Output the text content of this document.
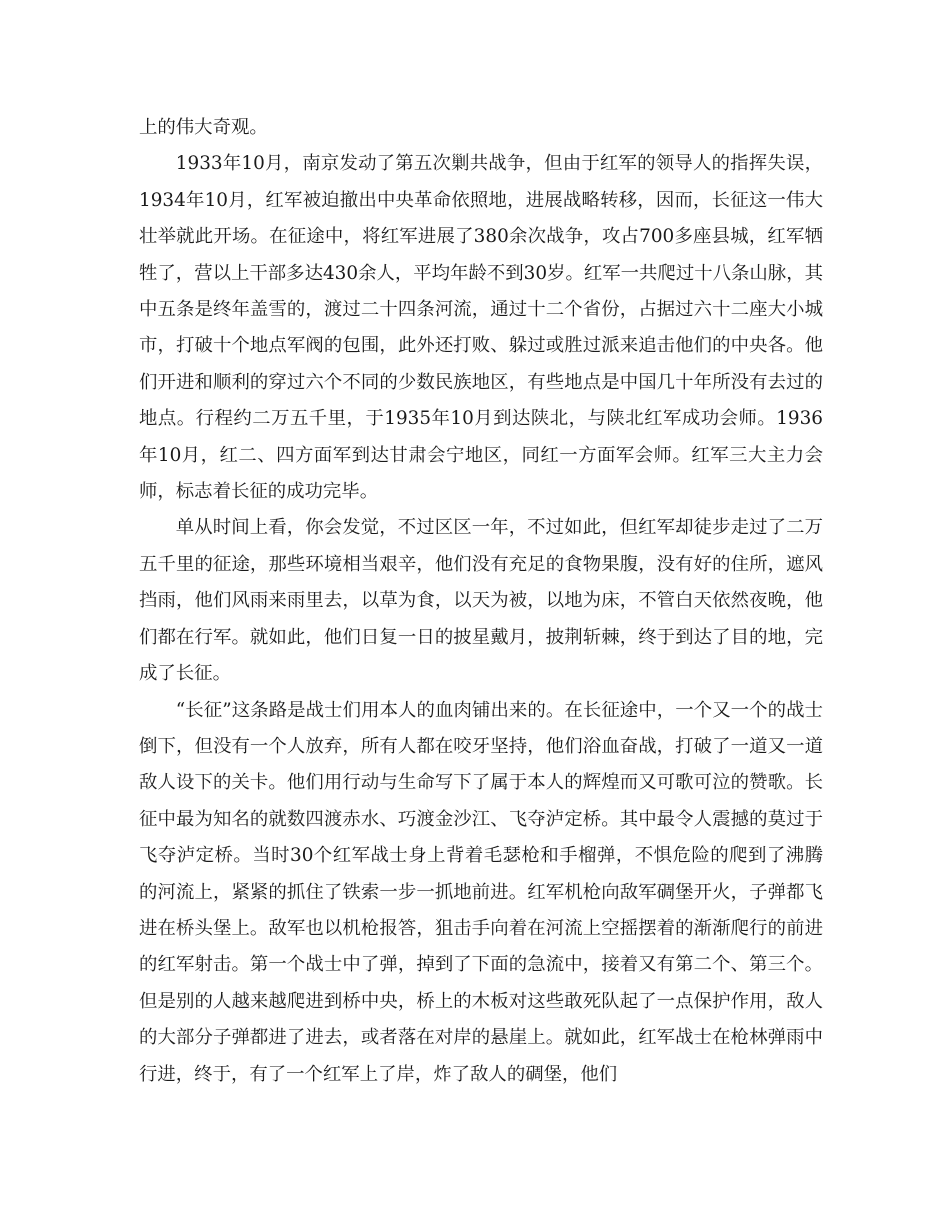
上的伟大奇观。

1933年10月，南京发动了第五次剿共战争，但由于红军的领导人的指挥失误，1934年10月，红军被迫撤出中央革命依照地，进展战略转移，因而，长征这一伟大壮举就此开场。在征途中，将红军进展了380余次战争，攻占700多座县城，红军牺牲了，营以上干部多达430余人，平均年龄不到30岁。红军一共爬过十八条山脉，其中五条是终年盖雪的，渡过二十四条河流，通过十二个省份，占据过六十二座大小城市，打破十个地点军阀的包围，此外还打败、躲过或胜过派来追击他们的中央各。他们开进和顺利的穿过六个不同的少数民族地区，有些地点是中国几十年所没有去过的地点。行程约二万五千里，于1935年10月到达陕北，与陕北红军成功会师。1936年10月，红二、四方面军到达甘肃会宁地区，同红一方面军会师。红军三大主力会师，标志着长征的成功完毕。

单从时间上看，你会发觉，不过区区一年，不过如此，但红军却徒步走过了二万五千里的征途，那些环境相当艰辛，他们没有充足的食物果腹，没有好的住所，遮风挡雨，他们风雨来雨里去，以草为食，以天为被，以地为床，不管白天依然夜晚，他们都在行军。就如此，他们日复一日的披星戴月，披荆斩棘，终于到达了目的地，完成了长征。

“长征”这条路是战士们用本人的血肉铺出来的。在长征途中，一个又一个的战士倒下，但没有一个人放弃，所有人都在咬牙坚持，他们浴血奋战，打破了一道又一道敌人设下的关卡。他们用行动与生命写下了属于本人的辉煌而又可歌可泣的赞歌。长征中最为知名的就数四渡赤水、巧渡金沙江、飞夺泸定桥。其中最令人震撼的莫过于飞夺泸定桥。当时30个红军战士身上背着毛瑟枪和手榴弹，不惧危险的爬到了沸腾的河流上，紧紧的抓住了铁索一步一抓地前进。红军机枪向敌军碉堡开火，子弹都飞进在桥头堡上。敌军也以机枪报答，狙击手向着在河流上空摇摆着的渐渐爬行的前进的红军射击。第一个战士中了弹，掉到了下面的急流中，接着又有第二个、第三个。但是别的人越来越爬进到桥中央，桥上的木板对这些敢死队起了一点保护作用，敌人的大部分子弹都进了进去，或者落在对岸的悬崖上。就如此，红军战士在枪林弹雨中行进，终于，有了一个红军上了岸，炸了敌人的碉堡，他们
